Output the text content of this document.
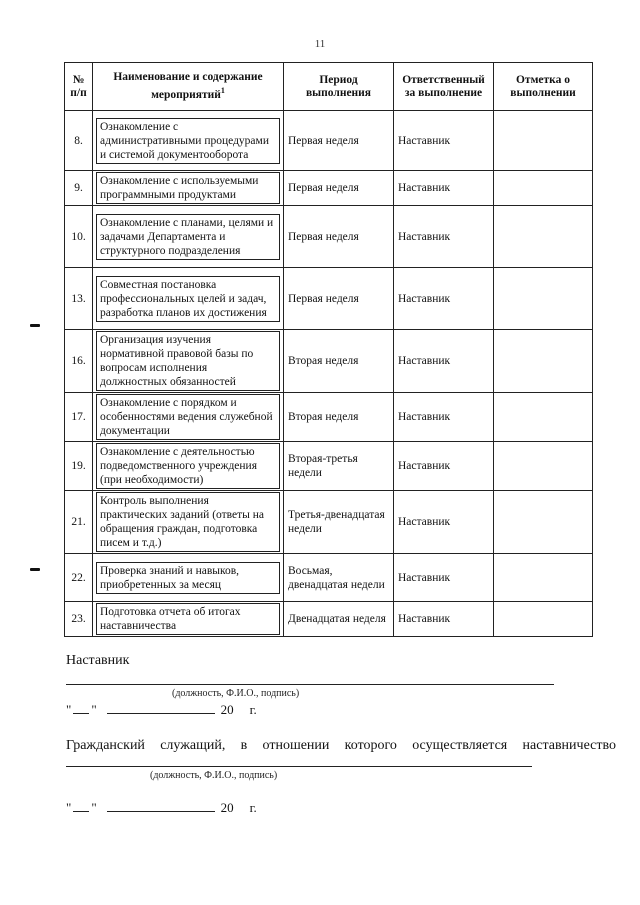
11
№ п/п	Наименование и содержание мероприятий$^1$	Период выполнения	Ответственный за выполнение	Отметка о выполнении
8.	Ознакомление с административными процедурами и системой документооборота	Первая неделя	Наставник	
9.	Ознакомление с используемыми программными продуктами	Первая неделя	Наставник	
10.	Ознакомление с планами, целями и задачами Департамента и структурного подразделения	Первая неделя	Наставник	
13.	Совместная постановка профессиональных целей и задач, разработка планов их достижения	Первая неделя	Наставник	
16.	Организация изучения нормативной правовой базы по вопросам исполнения должностных обязанностей	Вторая неделя	Наставник	
17.	Ознакомление с порядком и особенностями ведения служебной документации	Вторая неделя	Наставник	
19.	Ознакомление с деятельностью подведомственного учреждения (при необходимости)	Вторая-третья недели	Наставник	
21.	Контроль выполнения практических заданий (ответы на обращения граждан, подготовка писем и т.д.)	Третья-двенадцатая недели	Наставник	
22.	Проверка знаний и навыков, приобретенных за месяц	Восьмая, двенадцатая недели	Наставник	
23.	Подготовка отчета об итогах наставничества	Двенадцатая неделя	Наставник	
Наставник
(должность, Ф.И.О., подпись)
" "	20 г.
Гражданский служащий, в отношении которого осуществляется наставничество
(должность, Ф.И.О., подпись)
" "	20 г.
